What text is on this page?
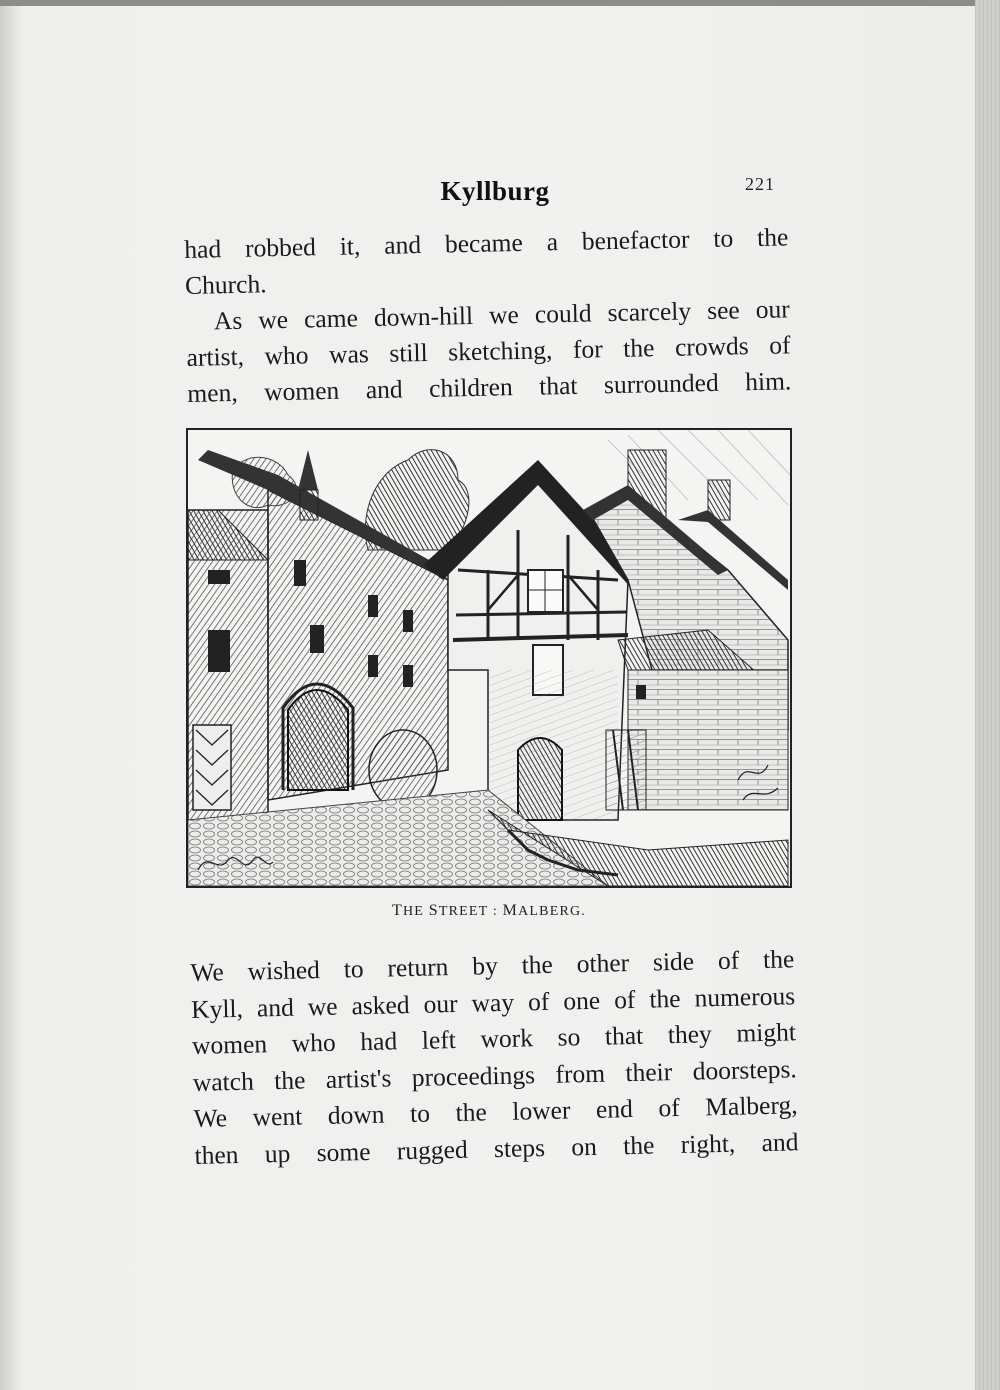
Kyllburg	221
had robbed it, and became a benefactor to the
Church.
As we came down-hill we could scarcely see our
artist, who was still sketching, for the crowds of
men, women and children that surrounded him.
THE STREET : MALBERG.
We wished to return by the other side of the
Kyll, and we asked our way of one of the numerous
women who had left work so that they might
watch the artist's proceedings from their doorsteps.
We went down to the lower end of Malberg,
then up some rugged steps on the right, and
